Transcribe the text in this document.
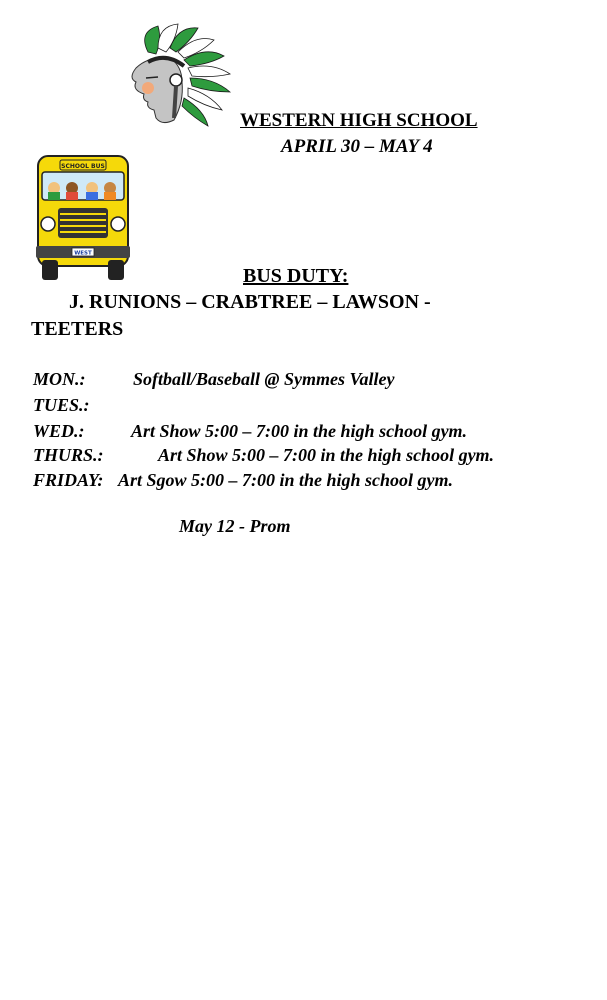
SCHOOL BUS
WEST
WESTERN HIGH SCHOOL
APRIL 30 – MAY 4
BUS DUTY:
J. RUNIONS – CRABTREE – LAWSON -
TEETERS
MON.:	Softball/Baseball @ Symmes Valley
TUES.:
WED.:	Art Show 5:00 – 7:00 in the high school gym.
THURS.:	Art Show 5:00 – 7:00 in the high school gym.
FRIDAY: Art Sgow 5:00 – 7:00 in the high school gym.
May 12 - Prom
